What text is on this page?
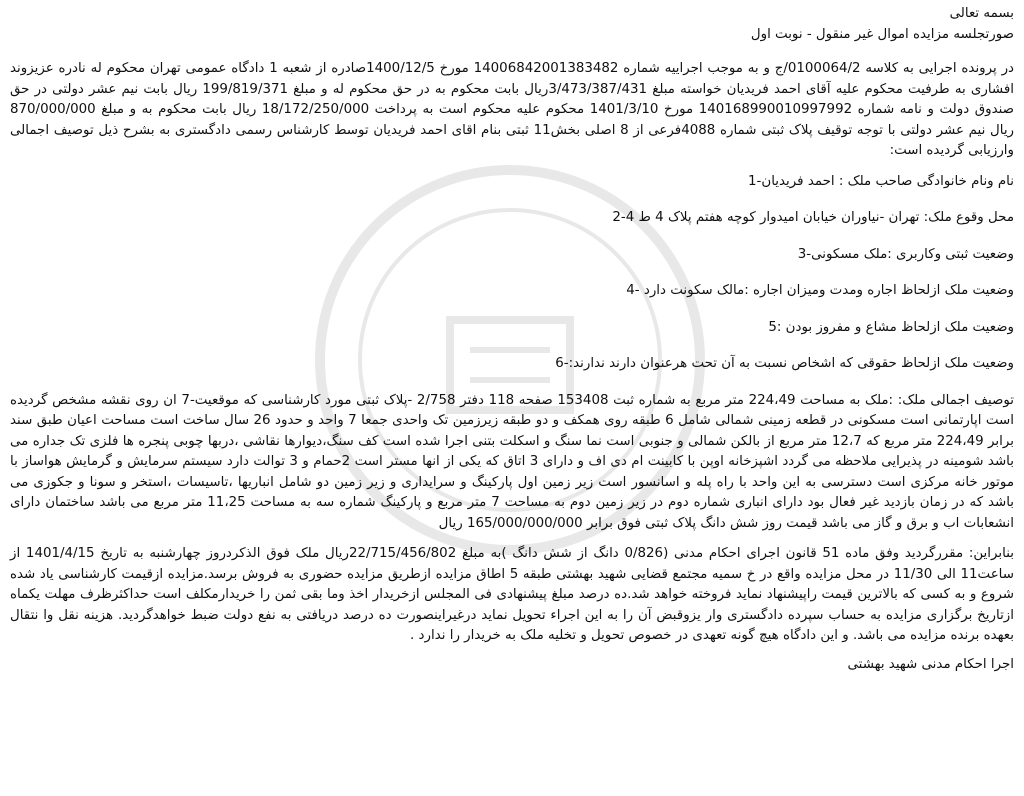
بسمه تعالی

صورتجلسه مزایده اموال غیر منقول - نوبت اول

در پرونده اجرایی به کلاسه 0100064/2/ج و به موجب اجراییه شماره 14006842001383482 مورخ 1400/12/5صادره از شعبه 1 دادگاه عمومی تهران محکوم له نادره عزیزوند افشاری به طرفیت محکوم علیه آقای احمد فریدیان خواسته مبلغ 3/473/387/431ریال بابت محکوم به در حق محکوم له و مبلغ 199/819/371 ریال بابت نیم عشر دولتی در حق صندوق دولت و نامه شماره 140168990010997992 مورخ 1401/3/10 محکوم علیه محکوم است به پرداخت 18/172/250/000 ریال بابت محکوم به و مبلغ 870/000/000 ریال نیم عشر دولتی با توجه توقیف پلاک ثبتی شماره 4088فرعی از 8 اصلی بخش11 ثبتی بنام اقای احمد فریدیان توسط کارشناس رسمی دادگستری به بشرح ذیل توصیف اجمالی وارزیابی گردیده است:

نام ونام خانوادگی صاحب ملک : احمد فریدیان-1

محل وقوع ملک: تهران -نیاوران خیابان امیدوار کوچه هفتم پلاک 4 ط 4-2

وضعیت ثبتی وکاربری :ملک مسکونی-3

وضعیت ملک ازلحاظ اجاره ومدت ومیزان اجاره :مالک سکونت دارد -4

وضعیت ملک ازلحاظ مشاع و مفروز بودن :5

وضعیت ملک ازلحاظ حقوقی که اشخاص نسبت به آن تحت هرعنوان دارند ندارند:-6

توصیف اجمالی ملک: :ملک به مساحت 224،49 متر مربع به شماره ثبت 153408 صفحه 118 دفتر 2/758 -پلاک ثبتی مورد کارشناسی که موقعیت-7 ان روی نقشه مشخص گردیده است اپارتمانی است مسکونی در قطعه زمینی شمالی شامل 6 طبقه روی همکف و دو طبقه زیرزمین تک واحدی جمعا 7 واحد و حدود 26 سال ساخت است مساحت اعیان طبق سند برابر 224،49 متر مربع که 12،7 متر مربع از بالکن شمالی و جنوبی است نما سنگ و اسکلت بتنی اجرا شده است کف سنگ،دیوارها نقاشی ،دربها چوبی پنجره ها فلزی تک جداره می باشد شومینه در پذیرایی ملاحظه می گردد اشپزخانه اوپن با کابینت ام دی اف و دارای 3 اتاق که یکی از انها مستر است 2حمام و 3 توالت دارد سیستم سرمایش و گرمایش هواساز با موتور خانه مرکزی است دسترسی به این واحد با راه پله و اسانسور است زیر زمین اول پارکینگ و سرایداری و زیر زمین دو شامل انباریها ،تاسیسات ،استخر و سونا و جکوزی می باشد که در زمان بازدید غیر فعال بود دارای انباری شماره دوم در زیر زمین دوم به مساحت 7 متر مربع و پارکینگ شماره سه به مساحت 11،25 متر مربع می باشد ساختمان دارای انشعابات اب و برق و گاز می باشد قیمت روز شش دانگ پلاک ثبتی فوق برابر 165/000/000/000 ریال

بنابراین: مقررگردید وفق ماده 51 قانون اجرای احکام مدنی (0/826 دانگ از شش دانگ )به مبلغ 22/715/456/802ریال ملک فوق الذکردروز چهارشنبه به تاریخ 1401/4/15 از ساعت11 الی 11/30 در محل مزایده واقع در خ سمیه مجتمع قضایی شهید بهشتی طبقه 5 اطاق مزایده ازطریق مزایده حضوری به فروش برسد.مزایده ازقیمت کارشناسی یاد شده شروع و به کسی که بالاترین قیمت راپیشنهاد نماید فروخته خواهد شد.ده درصد مبلغ پیشنهادی فی المجلس ازخریدار اخذ وما بقی ثمن را خریدارمکلف است حداکثرظرف مهلت یکماه ازتاریخ برگزاری مزایده به حساب سپرده دادگستری وار یزوقبض آن را به این اجراء تحویل نماید درغیراینصورت ده درصد دریافتی به نفع دولت ضبط خواهدگردید. هزینه نقل وا نتقال بعهده برنده مزایده می باشد. و این دادگاه هیچ گونه تعهدی در خصوص تحویل و تخلیه ملک به خریدار را ندارد .

اجرا احکام مدنی شهید بهشتی
